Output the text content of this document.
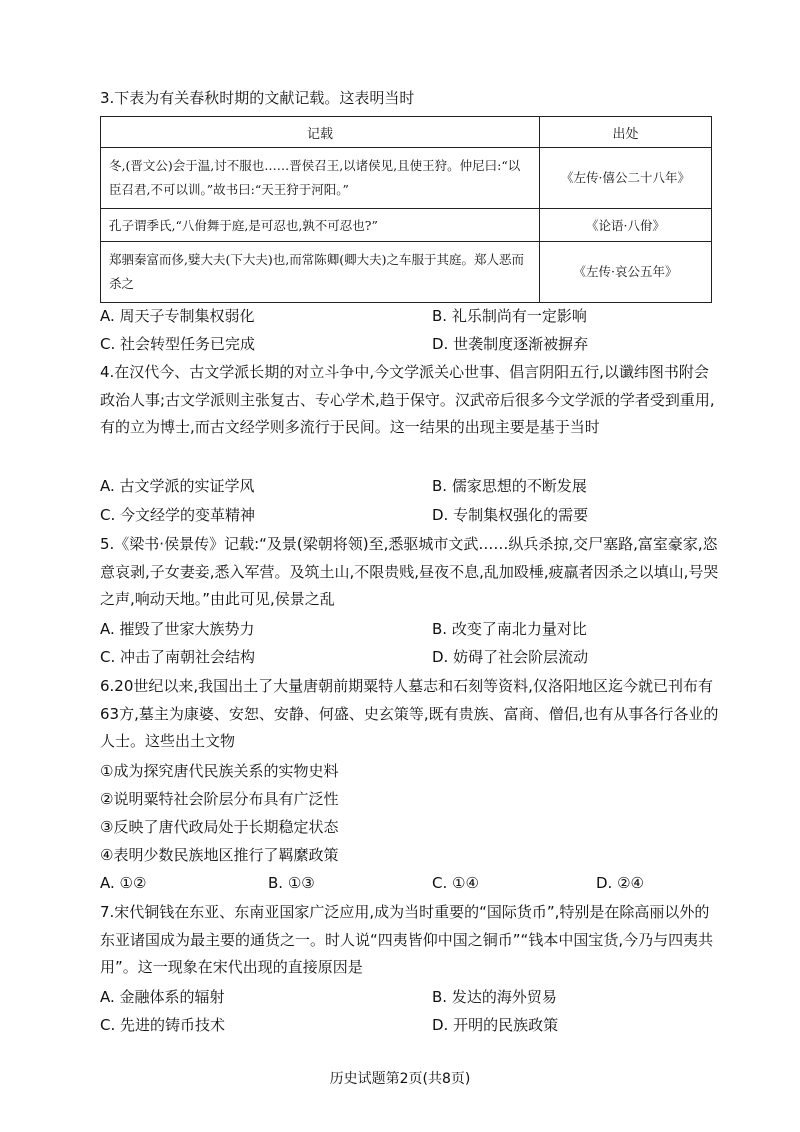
3.下表为有关春秋时期的文献记载。这表明当时
记载	出处
冬,(晋文公)会于温,讨不服也……晋侯召王,以诸侯见,且使王狩。仲尼曰:“以臣召君,不可以训。”故书曰:“天王狩于河阳。”	《左传·僖公二十八年》
孔子谓季氏,“八佾舞于庭,是可忍也,孰不可忍也?”	《论语·八佾》
郑驷秦富而侈,嬖大夫(下大夫)也,而常陈卿(卿大夫)之车服于其庭。郑人恶而杀之	《左传·哀公五年》
A. 周天子专制集权弱化	B. 礼乐制尚有一定影响
C. 社会转型任务已完成	D. 世袭制度逐渐被摒弃
4.在汉代今、古文学派长期的对立斗争中,今文学派关心世事、倡言阴阳五行,以谶纬图书附会政治人事;古文学派则主张复古、专心学术,趋于保守。汉武帝后很多今文学派的学者受到重用,有的立为博士,而古文经学则多流行于民间。这一结果的出现主要是基于当时
A. 古文学派的实证学风	B. 儒家思想的不断发展
C. 今文经学的变革精神	D. 专制集权强化的需要
5.《梁书·侯景传》记载:“及景(梁朝将领)至,悉驱城市文武……纵兵杀掠,交尸塞路,富室豪家,恣意哀剥,子女妻妾,悉入军营。及筑土山,不限贵贱,昼夜不息,乱加殴棰,疲羸者因杀之以填山,号哭之声,响动天地。”由此可见,侯景之乱
A. 摧毁了世家大族势力	B. 改变了南北力量对比
C. 冲击了南朝社会结构	D. 妨碍了社会阶层流动
6.20世纪以来,我国出土了大量唐朝前期粟特人墓志和石刻等资料,仅洛阳地区迄今就已刊布有63方,墓主为康婆、安恕、安静、何盛、史玄策等,既有贵族、富商、僧侣,也有从事各行各业的人士。这些出土文物
①成为探究唐代民族关系的实物史料
②说明粟特社会阶层分布具有广泛性
③反映了唐代政局处于长期稳定状态
④表明少数民族地区推行了羁縻政策
A. ①②	B. ①③	C. ①④	D. ②④
7.宋代铜钱在东亚、东南亚国家广泛应用,成为当时重要的“国际货币”,特别是在除高丽以外的东亚诸国成为最主要的通货之一。时人说“四夷皆仰中国之铜币”“钱本中国宝货,今乃与四夷共用”。这一现象在宋代出现的直接原因是
A. 金融体系的辐射	B. 发达的海外贸易
C. 先进的铸币技术	D. 开明的民族政策
历史试题第2页(共8页)
